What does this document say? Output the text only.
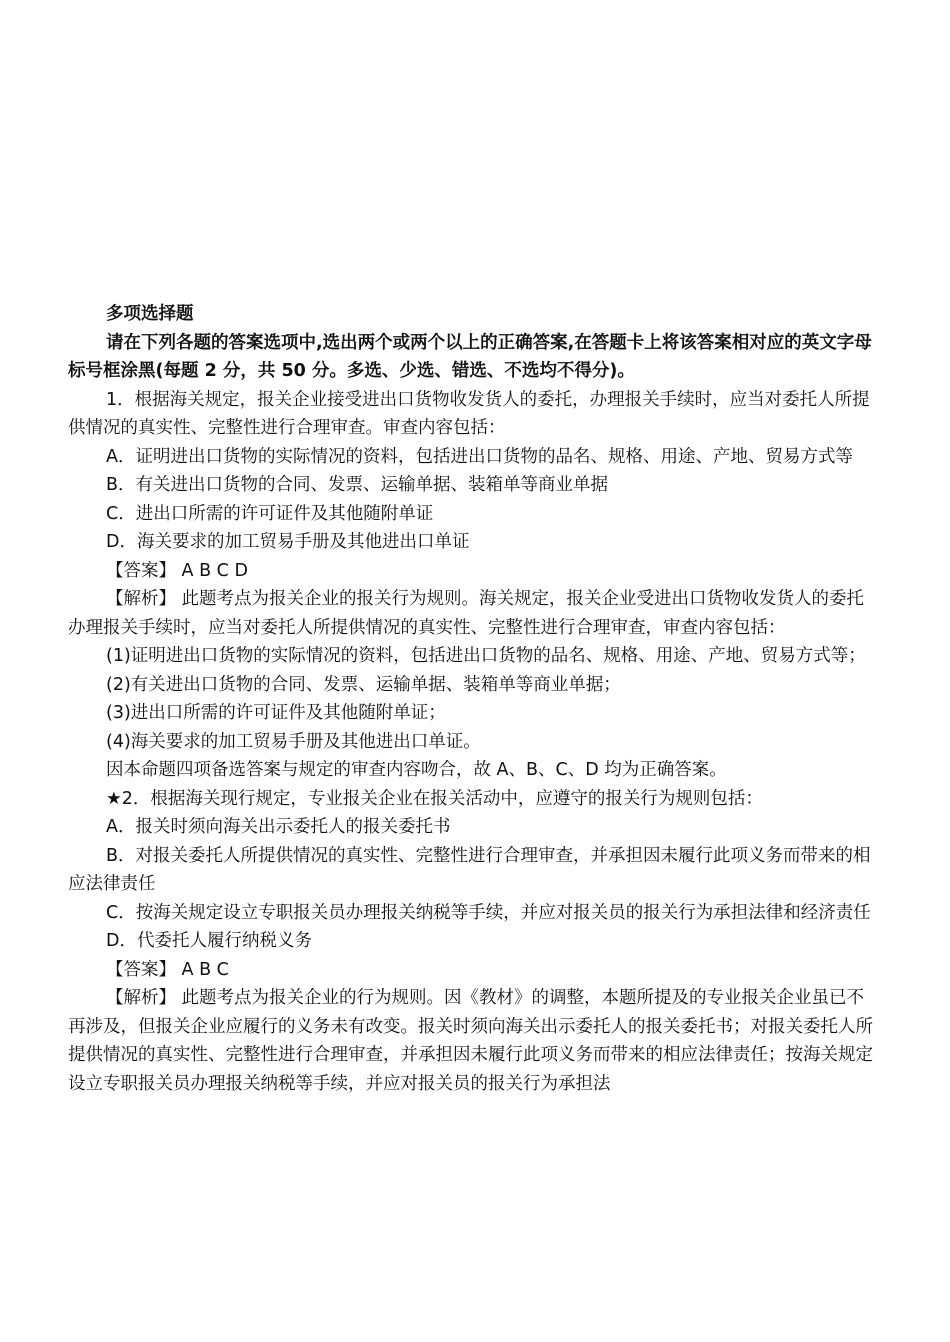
多项选择题

请在下列各题的答案选项中,选出两个或两个以上的正确答案,在答题卡上将该答案相对应的英文字母标号框涂黑(每题 2 分，共 50 分。多选、少选、错选、不选均不得分)。

1．根据海关规定，报关企业接受进出口货物收发货人的委托，办理报关手续时，应当对委托人所提供情况的真实性、完整性进行合理审查。审查内容包括：

A．证明进出口货物的实际情况的资料，包括进出口货物的品名、规格、用途、产地、贸易方式等

B．有关进出口货物的合同、发票、运输单据、装箱单等商业单据

C．进出口所需的许可证件及其他随附单证

D．海关要求的加工贸易手册及其他进出口单证

【答案】 A B C D

【解析】 此题考点为报关企业的报关行为规则。海关规定，报关企业受进出口货物收发货人的委托办理报关手续时，应当对委托人所提供情况的真实性、完整性进行合理审查，审查内容包括：

(1)证明进出口货物的实际情况的资料，包括进出口货物的品名、规格、用途、产地、贸易方式等；

(2)有关进出口货物的合同、发票、运输单据、装箱单等商业单据；

(3)进出口所需的许可证件及其他随附单证；

(4)海关要求的加工贸易手册及其他进出口单证。

因本命题四项备选答案与规定的审查内容吻合，故 A、B、C、D 均为正确答案。

★2．根据海关现行规定，专业报关企业在报关活动中，应遵守的报关行为规则包括：

A．报关时须向海关出示委托人的报关委托书

B．对报关委托人所提供情况的真实性、完整性进行合理审查，并承担因未履行此项义务而带来的相应法律责任

C．按海关规定设立专职报关员办理报关纳税等手续，并应对报关员的报关行为承担法律和经济责任

D．代委托人履行纳税义务

【答案】 A B C

【解析】 此题考点为报关企业的行为规则。因《教材》的调整，本题所提及的专业报关企业虽已不再涉及，但报关企业应履行的义务未有改变。报关时须向海关出示委托人的报关委托书；对报关委托人所提供情况的真实性、完整性进行合理审查，并承担因未履行此项义务而带来的相应法律责任；按海关规定设立专职报关员办理报关纳税等手续，并应对报关员的报关行为承担法
